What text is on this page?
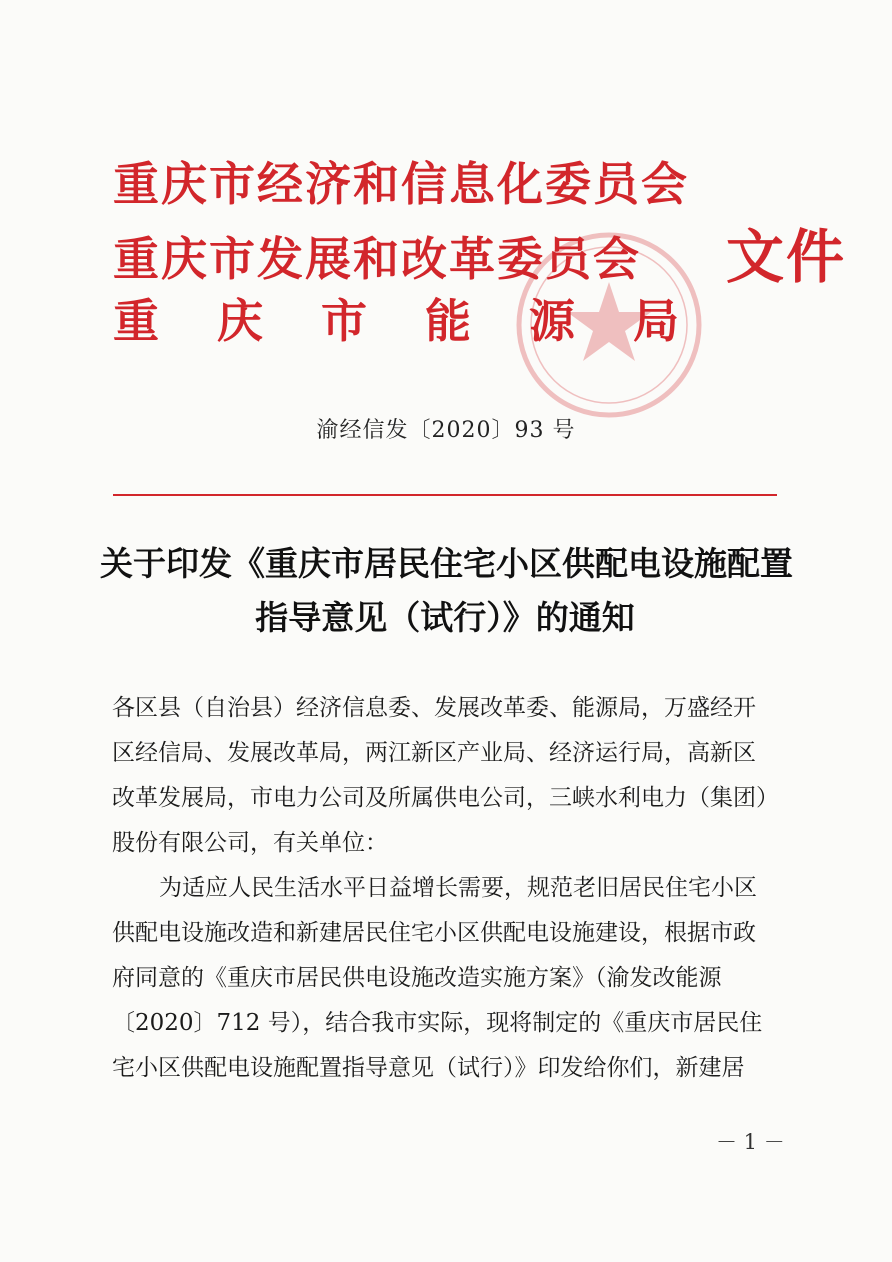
重庆市经济和信息化委员会
重庆市发展和改革委员会
重庆市能源局
文件
渝经信发〔2020〕93 号
关于印发《重庆市居民住宅小区供配电设施配置
指导意见（试行）》的通知
各区县（自治县）经济信息委、发展改革委、能源局，万盛经开
区经信局、发展改革局，两江新区产业局、经济运行局，高新区
改革发展局，市电力公司及所属供电公司，三峡水利电力（集团）
股份有限公司，有关单位：
为适应人民生活水平日益增长需要，规范老旧居民住宅小区
供配电设施改造和新建居民住宅小区供配电设施建设，根据市政
府同意的《重庆市居民供电设施改造实施方案》（渝发改能源
〔2020〕712 号），结合我市实际，现将制定的《重庆市居民住
宅小区供配电设施配置指导意见（试行）》印发给你们，新建居
－ 1 －
